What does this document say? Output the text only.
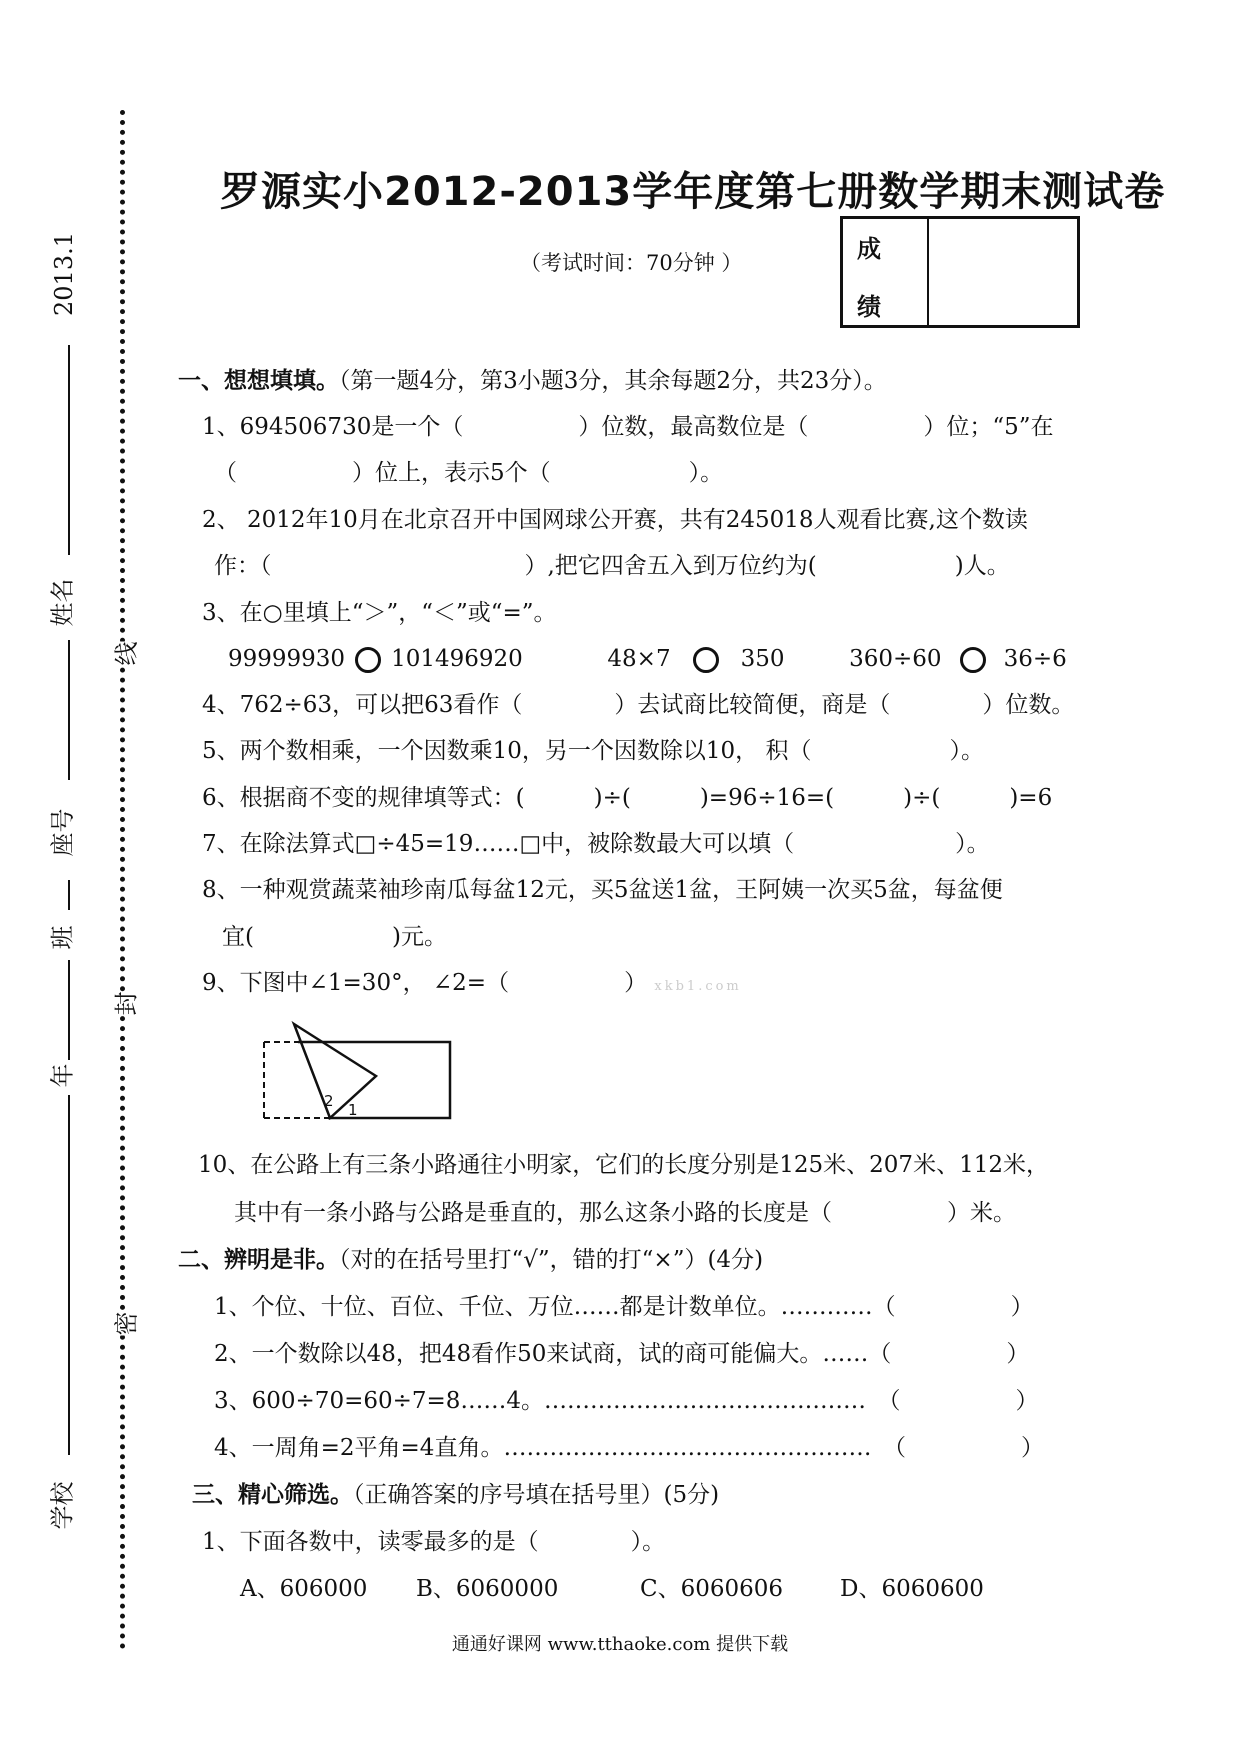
2013.1
姓名
座号
班
年
学校
线
封
密
罗源实小2012-2013学年度第七册数学期末测试卷
（考试时间：70分钟 ）	成
绩
一、想想填填。（第一题4分，第3小题3分，其余每题2分，共23分）。
1、694506730是一个（　　　　　）位数，最高数位是（　　　　　）位；“5”在
（　　　　　）位上，表示5个（　　　　　　）。
2、 2012年10月在北京召开中国网球公开赛，共有245018人观看比赛,这个数读
作：（　　　　　　　　　　　）,把它四舍五入到万位约为(　　　　　　)人。
3、在○里填上“＞”，“＜”或“=”。
99999930 101496920	48×7	350	360÷60	36÷6
4、762÷63，可以把63看作（　　　　）去试商比较简便，商是（　　　　）位数。
5、两个数相乘，一个因数乘10，另一个因数除以10， 积（　　　　　　）。
6、根据商不变的规律填等式：(　　　)÷(　　　)=96÷16=(　　　)÷(　　　)=6
7、在除法算式□÷45=19……□中，被除数最大可以填（　　　　　　　）。
8、一种观赏蔬菜袖珍南瓜每盆12元，买5盆送1盆，王阿姨一次买5盆，每盆便
宜(　　　　　　)元。
9、下图中∠1=30°， ∠2=（　　　　　） xkb1.com
2 1
10、在公路上有三条小路通往小明家，它们的长度分别是125米、207米、112米，
其中有一条小路与公路是垂直的，那么这条小路的长度是（　　　　　）米。
二、辨明是非。（对的在括号里打“√”，错的打“×”）(4分)
1、个位、十位、百位、千位、万位……都是计数单位。…………（　　　　　）
2、一个数除以48，把48看作50来试商，试的商可能偏大。……（　　　　　）
3、600÷70=60÷7=8……4。……………………………………　（　　　　　）
4、一周角=2平角=4直角。…………………………………………　（　　　　　）
三、精心筛选。（正确答案的序号填在括号里）(5分)
1、下面各数中，读零最多的是（　　　　）。
A、606000 B、6060000	C、6060606 D、6060600
通通好课网 www.tthaoke.com 提供下载
